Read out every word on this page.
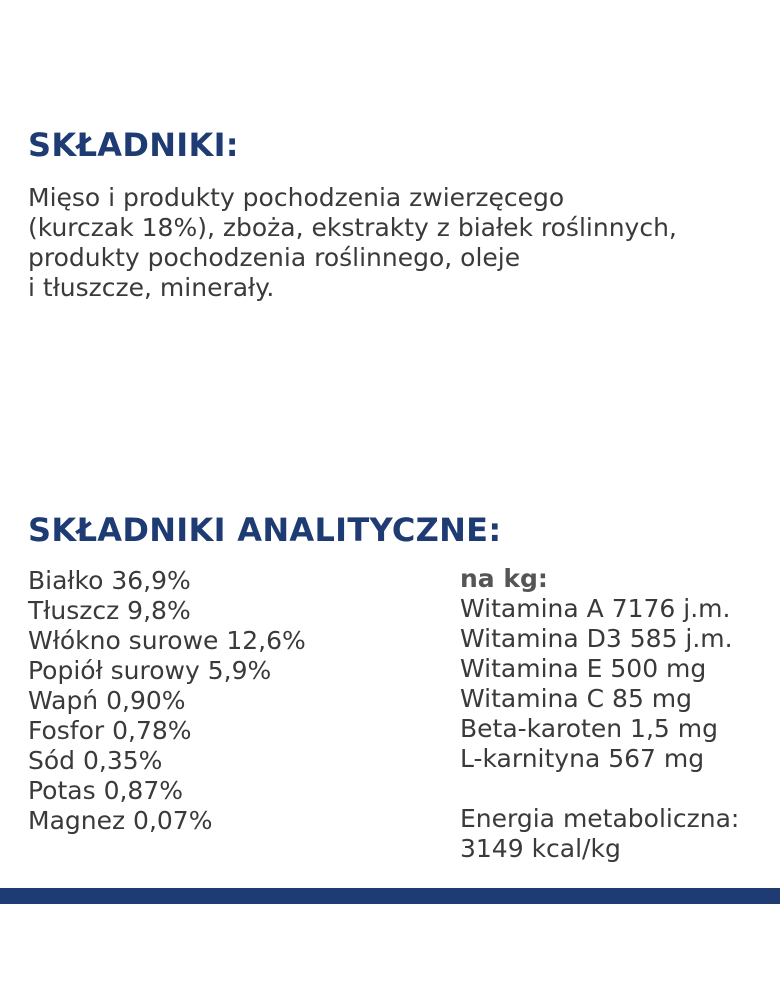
SKŁADNIKI:

Mięso i produkty pochodzenia zwierzęcego
(kurczak 18%), zboża, ekstrakty z białek roślinnych,
produkty pochodzenia roślinnego, oleje
i tłuszcze, minerały.

SKŁADNIKI ANALITYCZNE:
Białko 36,9%
Tłuszcz 9,8%
Włókno surowe 12,6%
Popiół surowy 5,9%
Wapń 0,90%
Fosfor 0,78%
Sód 0,35%
Potas 0,87%
Magnez 0,07%
na kg:
Witamina A 7176 j.m.
Witamina D3 585 j.m.
Witamina E 500 mg
Witamina C 85 mg
Beta-karoten 1,5 mg
L-karnityna 567 mg
Energia metaboliczna:
3149 kcal/kg
